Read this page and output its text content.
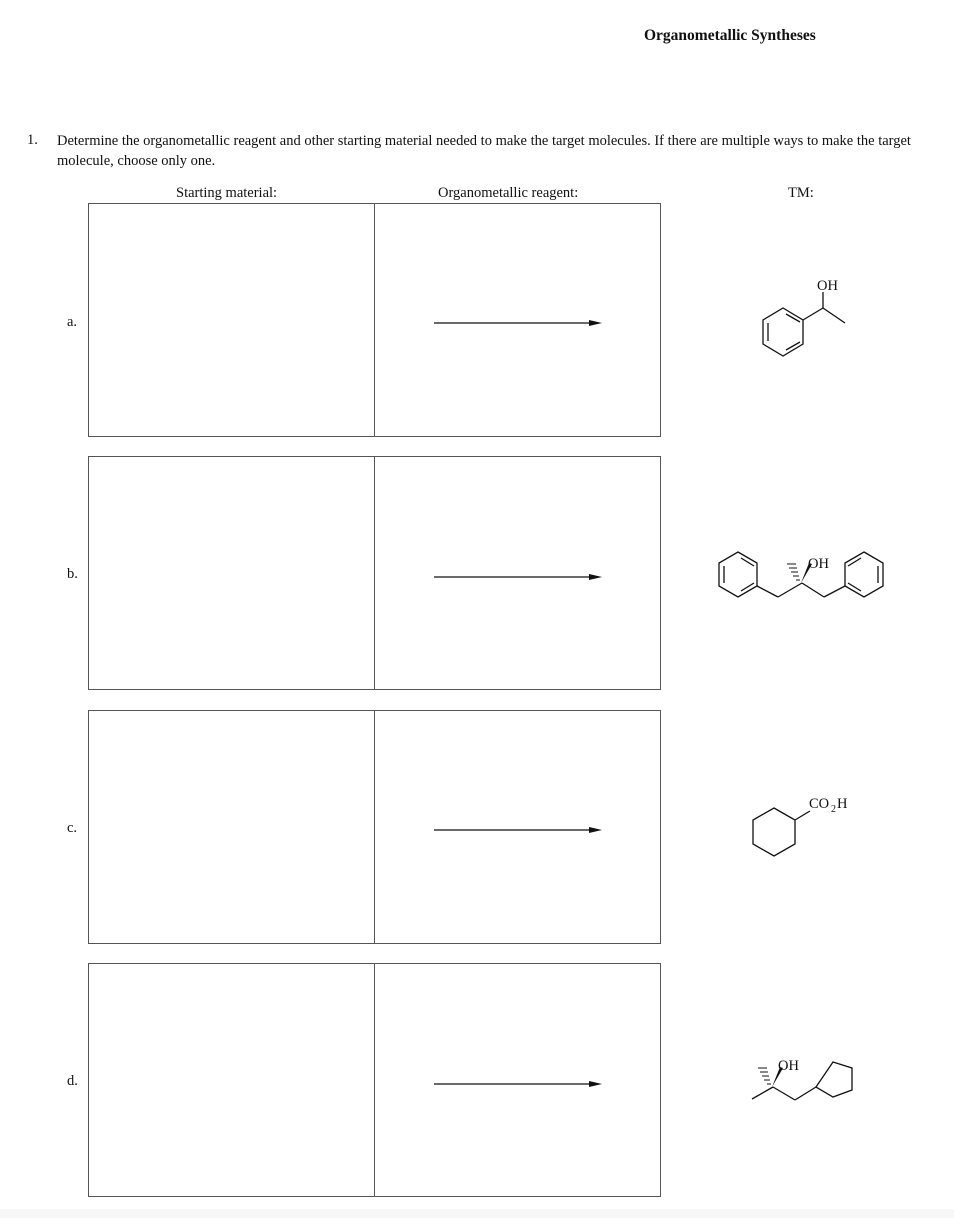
Organometallic Syntheses
1. Determine the organometallic reagent and other starting material needed to make the target molecules. If there are multiple ways to make the target molecule, choose only one.
Starting material:	Organometallic reagent:	TM:
a.
OH
b.
OH
c.
CO 2 H
d.
OH
